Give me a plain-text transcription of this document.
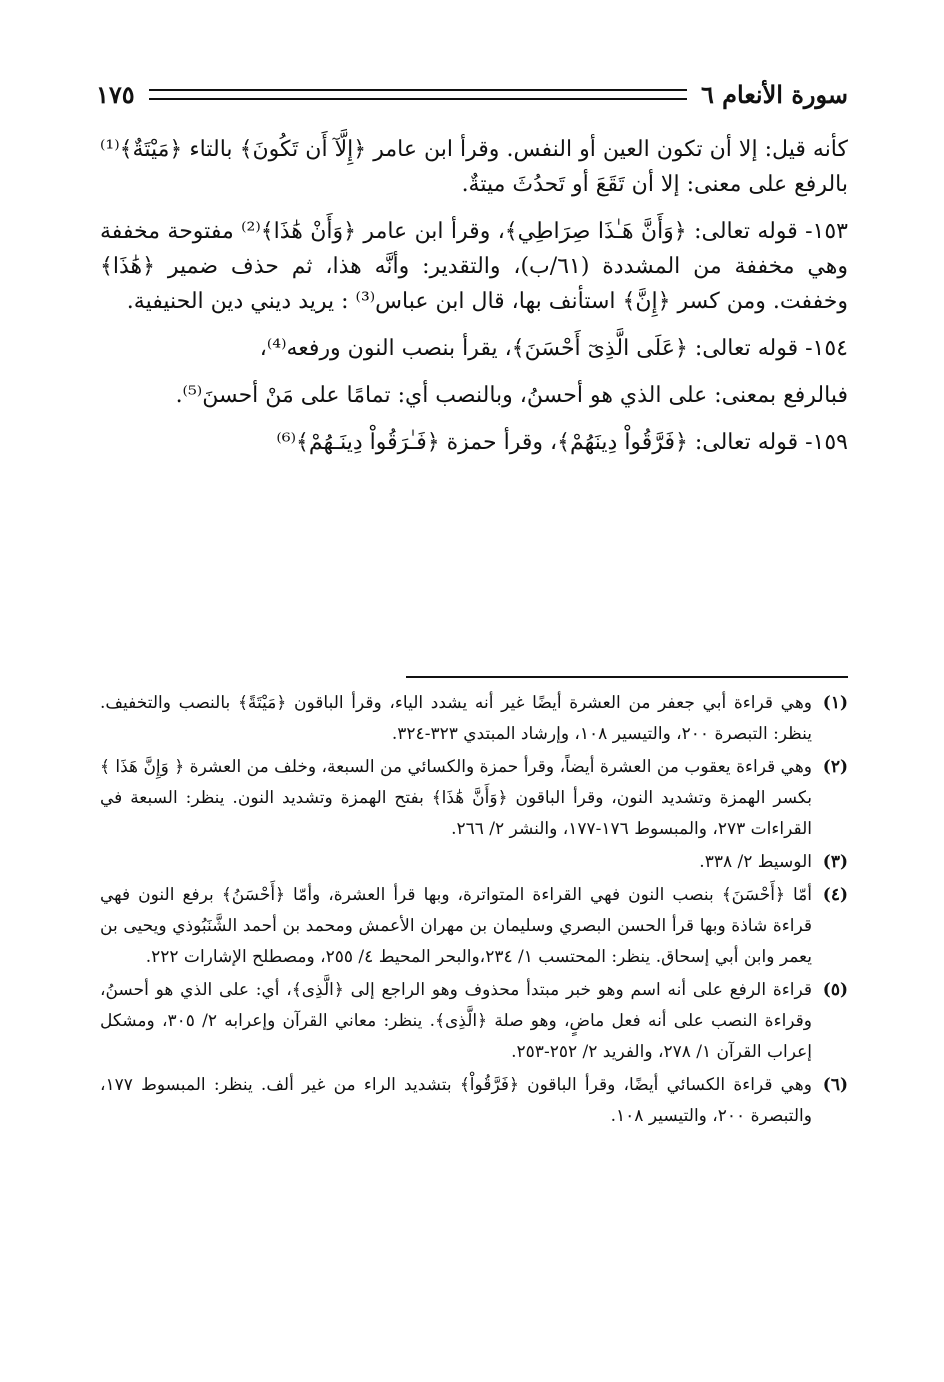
سورة الأنعام ٦
١٧٥

كأنه قيل: إلا أن تكون العين أو النفس. وقرأ ابن عامر ﴿إِلَّآ أَن تَكُونَ﴾ بالتاء ﴿مَيْتَةٌ﴾⁽¹⁾ بالرفع على معنى: إلا أن تَقَعَ أو تَحدُثَ ميتةٌ.

١٥٣- قوله تعالى: ﴿وَأَنَّ هَـٰذَا صِرَاطِي﴾، وقرأ ابن عامر ﴿وَأَنْ هَٰذَا﴾⁽²⁾ مفتوحة مخففة وهي مخففة من المشددة (٦١/ب)، والتقدير: وأنَّه هذا، ثم حذف ضمير ﴿هَٰذَا﴾ وخففت. ومن كسر ﴿إِنَّ﴾ استأنف بها، قال ابن عباس⁽³⁾ : يريد ديني دين الحنيفية.

١٥٤- قوله تعالى: ﴿عَلَى الَّذِىٓ أَحْسَنَ﴾، يقرأ بنصب النون ورفعه⁽⁴⁾،

فبالرفع بمعنى: على الذي هو أحسنُ، وبالنصب أي: تمامًا على مَنْ أحسنَ⁽⁵⁾.

١٥٩- قوله تعالى: ﴿فَرَّقُواْ دِينَهُمْ﴾، وقرأ حمزة ﴿فَـٰرَقُواْ دِينَـهُمْ﴾⁽⁶⁾

(١)
وهي قراءة أبي جعفر من العشرة أيضًا غير أنه يشدد الياء، وقرأ الباقون ﴿مَيْتَةً﴾ بالنصب والتخفيف. ينظر: التبصرة ٢٠٠، والتيسير ١٠٨، وإرشاد المبتدي ٣٢٣-٣٢٤.
(٢)
وهي قراءة يعقوب من العشرة أيضاً، وقرأ حمزة والكسائي من السبعة، وخلف من العشرة ﴿ وَإِنَّ هَذَا ﴾ بكسر الهمزة وتشديد النون، وقرأ الباقون ﴿وَأَنَّ هَٰذَا﴾ بفتح الهمزة وتشديد النون. ينظر: السبعة في القراءات ٢٧٣، والمبسوط ١٧٦-١٧٧، والنشر ٢/ ٢٦٦.
(٣)
الوسيط ٢/ ٣٣٨.
(٤)
أمّا ﴿أَحْسَنَ﴾ بنصب النون فهي القراءة المتواترة، وبها قرأ العشرة، وأمّا ﴿أَحْسَنُ﴾ برفع النون فهي قراءة شاذة وبها قرأ الحسن البصري وسليمان بن مهران الأعمش ومحمد بن أحمد الشَّنَبُوذي ويحيى بن يعمر وابن أبي إسحاق. ينظر: المحتسب ١/ ٢٣٤،والبحر المحيط ٤/ ٢٥٥، ومصطلح الإشارات ٢٢٢.
(٥)
قراءة الرفع على أنه اسم وهو خبر مبتدأ محذوف وهو الراجع إلى ﴿الَّذِى﴾، أي: على الذي هو أحسنُ، وقراءة النصب على أنه فعل ماضٍ، وهو صلة ﴿الَّذِى﴾. ينظر: معاني القرآن وإعرابه ٢/ ٣٠٥، ومشكل إعراب القرآن ١/ ٢٧٨، والفريد ٢/ ٢٥٢-٢٥٣.
(٦)
وهي قراءة الكسائي أيضًا، وقرأ الباقون ﴿فَرَّقُواْ﴾ بتشديد الراء من غير ألف. ينظر: المبسوط ١٧٧، والتبصرة ٢٠٠، والتيسير ١٠٨.
